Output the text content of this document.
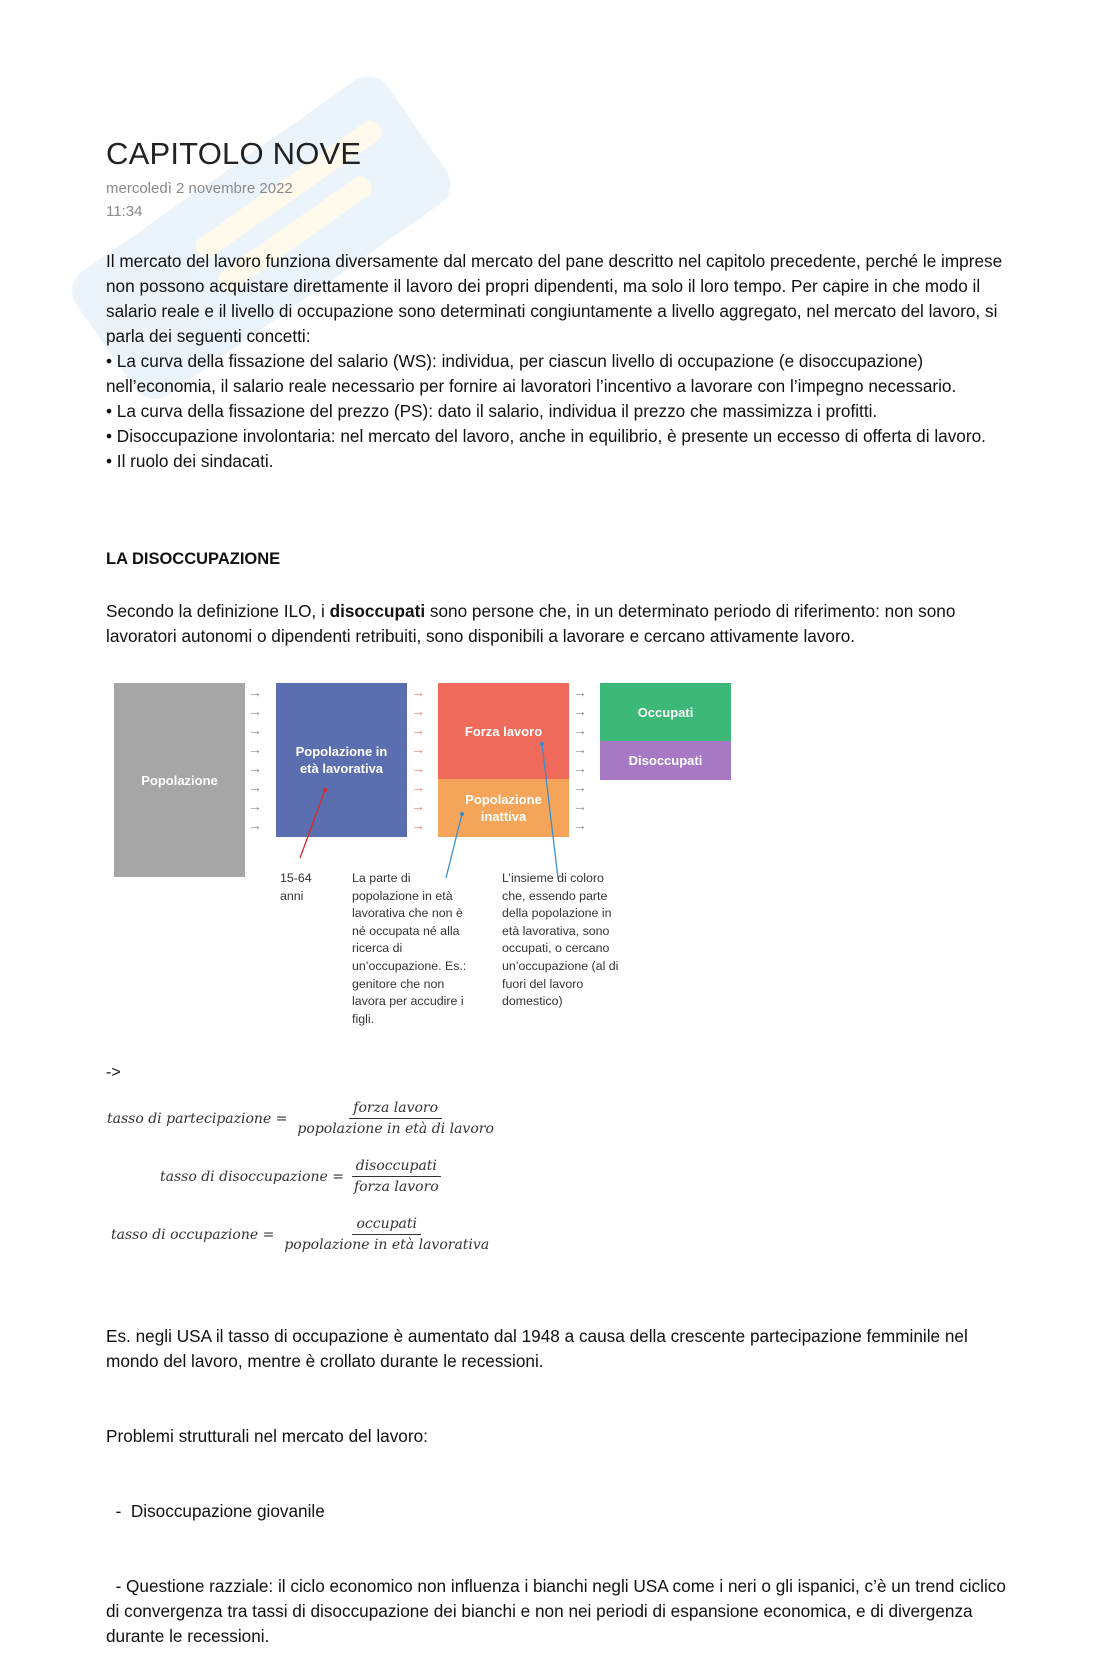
CAPITOLO NOVE
mercoledì 2 novembre 2022
11:34

Il mercato del lavoro funziona diversamente dal mercato del pane descritto nel capitolo precedente, perché le imprese non possono acquistare direttamente il lavoro dei propri dipendenti, ma solo il loro tempo. Per capire in che modo il salario reale e il livello di occupazione sono determinati congiuntamente a livello aggregato, nel mercato del lavoro, si parla dei seguenti concetti:

• La curva della fissazione del salario (WS): individua, per ciascun livello di occupazione (e disoccupazione) nell’economia, il salario reale necessario per fornire ai lavoratori l’incentivo a lavorare con l’impegno necessario.

• La curva della fissazione del prezzo (PS): dato il salario, individua il prezzo che massimizza i profitti.

• Disoccupazione involontaria: nel mercato del lavoro, anche in equilibrio, è presente un eccesso di offerta di lavoro.

• Il ruolo dei sindacati.

LA DISOCCUPAZIONE

Secondo la definizione ILO, i disoccupati sono persone che, in un determinato periodo di riferimento: non sono lavoratori autonomi o dipendenti retribuiti, sono disponibili a lavorare e cercano attivamente lavoro.

Popolazione
→
→
→
→
→
→
→
→
Popolazione in età lavorativa
→
→
→
→
→
→
→
→
Forza lavoro
Popolazione inattiva
→
→
→
→
→
→
→
→
Occupati
Disoccupati
15-64 anni
La parte di popolazione in età lavorativa che non è né occupata né alla ricerca di un’occupazione. Es.: genitore che non lavora per accudire i figli.
L’insieme di coloro che, essendo parte della popolazione in età lavorativa, sono occupati, o cercano un’occupazione (al di fuori del lavoro domestico)
->
tasso di partecipazione = $\frac{\text{forza lavoro}}{\text{popolazione in età di lavoro}}$
tasso di disoccupazione = $\frac{\text{disoccupati}}{\text{forza lavoro}}$
tasso di occupazione = $\frac{\text{occupati}}{\text{popolazione in età lavorativa}}$

Es. negli USA il tasso di occupazione è aumentato dal 1948 a causa della crescente partecipazione femminile nel mondo del lavoro, mentre è crollato durante le recessioni.

Problemi strutturali nel mercato del lavoro:

-  Disoccupazione giovanile

- Questione razziale: il ciclo economico non influenza i bianchi negli USA come i neri o gli ispanici, c’è un trend ciclico di convergenza tra tassi di disoccupazione dei bianchi e non nei periodi di espansione economica, e di divergenza durante le recessioni.
